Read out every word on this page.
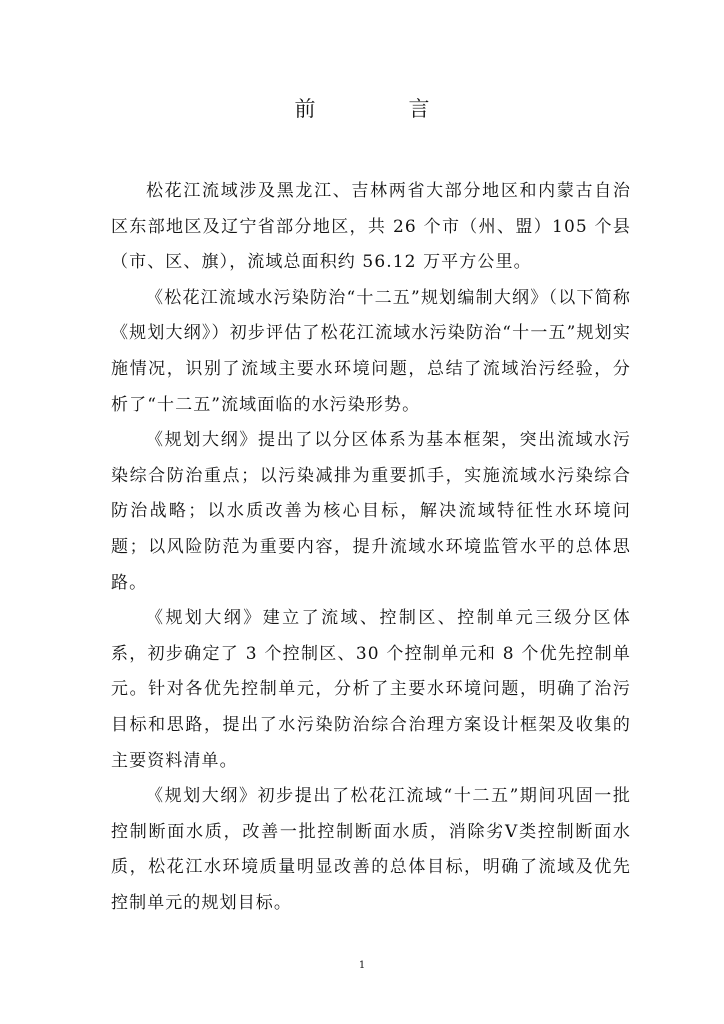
前　言

松花江流域涉及黑龙江、吉林两省大部分地区和内蒙古自治区东部地区及辽宁省部分地区，共 26 个市（州、盟）105 个县（市、区、旗），流域总面积约 56.12 万平方公里。

《松花江流域水污染防治“十二五”规划编制大纲》（以下简称《规划大纲》）初步评估了松花江流域水污染防治“十一五”规划实施情况，识别了流域主要水环境问题，总结了流域治污经验，分析了“十二五”流域面临的水污染形势。

《规划大纲》提出了以分区体系为基本框架，突出流域水污染综合防治重点；以污染减排为重要抓手，实施流域水污染综合防治战略；以水质改善为核心目标，解决流域特征性水环境问题；以风险防范为重要内容，提升流域水环境监管水平的总体思路。

《规划大纲》建立了流域、控制区、控制单元三级分区体系，初步确定了 3 个控制区、30 个控制单元和 8 个优先控制单元。针对各优先控制单元，分析了主要水环境问题，明确了治污目标和思路，提出了水污染防治综合治理方案设计框架及收集的主要资料清单。

《规划大纲》初步提出了松花江流域“十二五”期间巩固一批控制断面水质，改善一批控制断面水质，消除劣Ⅴ类控制断面水质，松花江水环境质量明显改善的总体目标，明确了流域及优先控制单元的规划目标。

1
